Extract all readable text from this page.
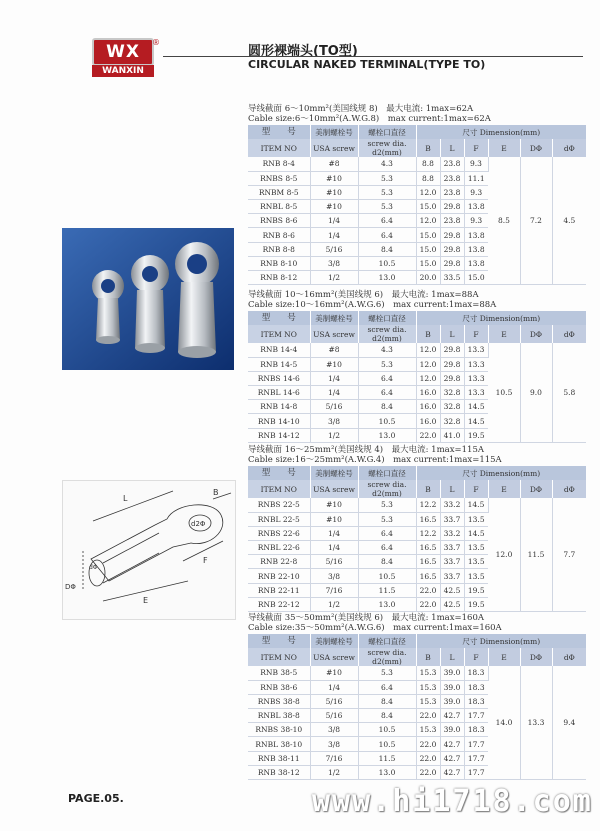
WX	®
WANXIN
圆形裸端头(TO型)
CIRCULAR NAKED TERMINAL(TYPE TO)
L
B
d2Φ
F
E
DΦ
dΦ
导线截面 6～10mm²(美国线规 8)　最大电流: 1max=62A
Cable size:6～10mm²(A.W.G.8)　max current:1max=62A
型　　号	美制螺栓号	螺栓口直径	尺寸 Dimension(mm)					
ITEM NO	USA screw	screw dia.
d2(mm)	B	L	F	E	DΦ	dΦ
RNB 8-4	#8	4.3	8.8	23.8	9.3	8.5	7.2	4.5
RNBS 8-5	#10	5.3	8.8	23.8	11.1			
RNBM 8-5	#10	5.3	12.0	23.8	9.3			
RNBL 8-5	#10	5.3	15.0	29.8	13.8			
RNBS 8-6	1/4	6.4	12.0	23.8	9.3			
RNB 8-6	1/4	6.4	15.0	29.8	13.8			
RNB 8-8	5/16	8.4	15.0	29.8	13.8			
RNB 8-10	3/8	10.5	15.0	29.8	13.8			
RNB 8-12	1/2	13.0	20.0	33.5	15.0			
导线截面 10～16mm²(美国线规 6)　最大电流: 1max=88A
Cable size:10～16mm²(A.W.G.6)　max current:1max=88A
型　　号	美制螺栓号	螺栓口直径	尺寸 Dimension(mm)					
ITEM NO	USA screw	screw dia.
d2(mm)	B	L	F	E	DΦ	dΦ
RNB 14-4	#8	4.3	12.0	29.8	13.3	10.5	9.0	5.8
RNB 14-5	#10	5.3	12.0	29.8	13.3			
RNBS 14-6	1/4	6.4	12.0	29.8	13.3			
RNBL 14-6	1/4	6.4	16.0	32.8	13.3			
RNB 14-8	5/16	8.4	16.0	32.8	14.5			
RNB 14-10	3/8	10.5	16.0	32.8	14.5			
RNB 14-12	1/2	13.0	22.0	41.0	19.5			
导线截面 16～25mm²(美国线规 4)　最大电流: 1max=115A
Cable size:16～25mm²(A.W.G.4)　max current:1max=115A
型　　号	美制螺栓号	螺栓口直径	尺寸 Dimension(mm)					
ITEM NO	USA screw	screw dia.
d2(mm)	B	L	F	E	DΦ	dΦ
RNBS 22-5	#10	5.3	12.2	33.2	14.5	12.0	11.5	7.7
RNBL 22-5	#10	5.3	16.5	33.7	13.5			
RNBS 22-6	1/4	6.4	12.2	33.2	14.5			
RNBL 22-6	1/4	6.4	16.5	33.7	13.5			
RNB 22-8	5/16	8.4	16.5	33.7	13.5			
RNB 22-10	3/8	10.5	16.5	33.7	13.5			
RNB 22-11	7/16	11.5	22.0	42.5	19.5			
RNB 22-12	1/2	13.0	22.0	42.5	19.5			
导线截面 35～50mm²(美国线规 6)　最大电流: 1max=160A
Cable size:35～50mm²(A.W.G.6)　max current:1max=160A
型　　号	美制螺栓号	螺栓口直径	尺寸 Dimension(mm)					
ITEM NO	USA screw	screw dia.
d2(mm)	B	L	F	E	DΦ	dΦ
RNB 38-5	#10	5.3	15.3	39.0	18.3	14.0	13.3	9.4
RNB 38-6	1/4	6.4	15.3	39.0	18.3			
RNBS 38-8	5/16	8.4	15.3	39.0	18.3			
RNBL 38-8	5/16	8.4	22.0	42.7	17.7			
RNBS 38-10	3/8	10.5	15.3	39.0	18.3			
RNBL 38-10	3/8	10.5	22.0	42.7	17.7			
RNB 38-11	7/16	11.5	22.0	42.7	17.7			
RNB 38-12	1/2	13.0	22.0	42.7	17.7			
PAGE.05.	www.hi1718.com
